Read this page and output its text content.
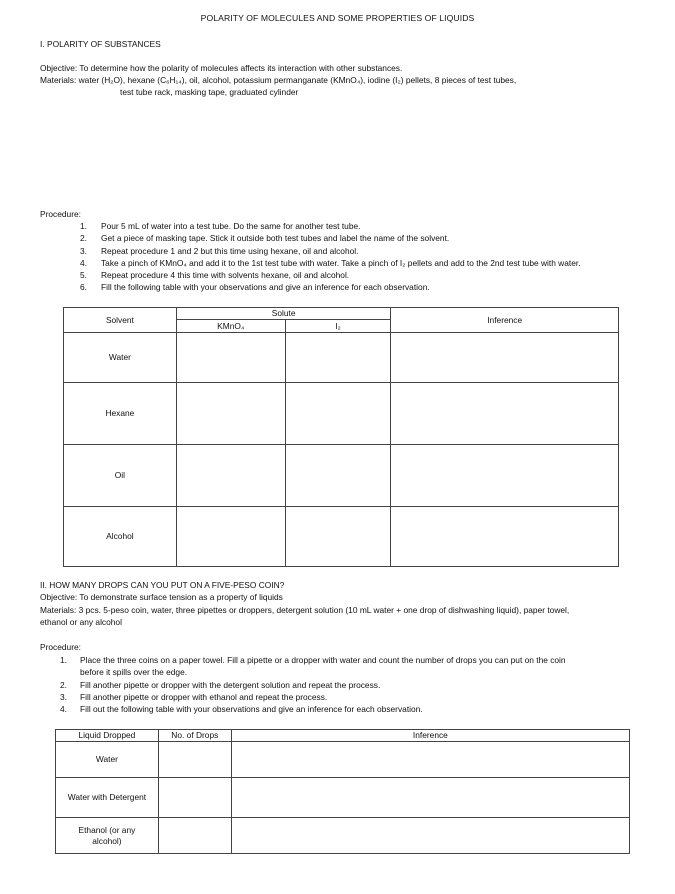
POLARITY OF MOLECULES AND SOME PROPERTIES OF LIQUIDS
I. POLARITY OF SUBSTANCES
Objective: To determine how the polarity of molecules affects its interaction with other substances.
Materials: water (H₂O), hexane (C₆H₁₄), oil, alcohol, potassium permanganate (KMnO₄), iodine (I₂) pellets, 8 pieces of test tubes,
test tube rack, masking tape, graduated cylinder
Procedure:
1. Pour 5 mL of water into a test tube. Do the same for another test tube.
2. Get a piece of masking tape. Stick it outside both test tubes and label the name of the solvent.
3. Repeat procedure 1 and 2 but this time using hexane, oil and alcohol.
4. Take a pinch of KMnO₄ and add it to the 1st test tube with water. Take a pinch of I₂ pellets and add to the 2nd test tube with water.
5. Repeat procedure 4 this time with solvents hexane, oil and alcohol.
6. Fill the following table with your observations and give an inference for each observation.
Solvent	Solute		Inference
	KMnO₄	I₂	
Water			
Hexane			
Oil			
Alcohol			
II. HOW MANY DROPS CAN YOU PUT ON A FIVE-PESO COIN?
Objective: To demonstrate surface tension as a property of liquids
Materials: 3 pcs. 5-peso coin, water, three pipettes or droppers, detergent solution (10 mL water + one drop of dishwashing liquid), paper towel,
ethanol or any alcohol
Procedure:
1. Place the three coins on a paper towel. Fill a pipette or a dropper with water and count the number of drops you can put on the coin
before it spills over the edge.
2. Fill another pipette or dropper with the detergent solution and repeat the process.
3. Fill another pipette or dropper with ethanol and repeat the process.
4. Fill out the following table with your observations and give an inference for each observation.
Liquid Dropped	No. of Drops	Inference
Water		
Water with Detergent		

Ethanol (or any
alcohol)		
